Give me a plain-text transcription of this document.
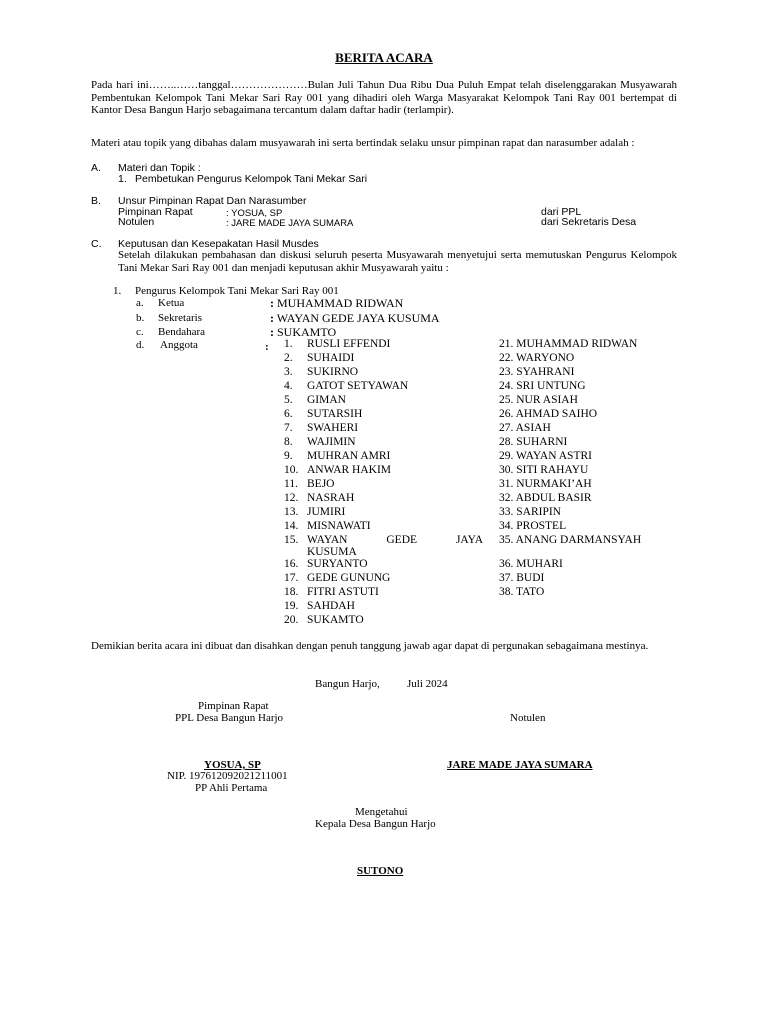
BERITA ACARA
Pada hari ini……..……tanggal…………………Bulan Juli Tahun Dua Ribu Dua Puluh Empat telah diselenggarakan Musyawarah Pembentukan Kelompok Tani Mekar Sari Ray 001 yang dihadiri oleh Warga Masyarakat Kelompok Tani Ray 001 bertempat di Kantor Desa Bangun Harjo sebagaimana tercantum dalam daftar hadir (terlampir).
Materi atau topik yang dibahas dalam musyawarah ini serta bertindak selaku unsur pimpinan rapat dan narasumber adalah :
A. Materi dan Topik :
1. Pembetukan Pengurus Kelompok Tani Mekar Sari
B. Unsur Pimpinan Rapat Dan Narasumber
Pimpinan Rapat	: YOSUA, SP	dari PPL
Notulen	: JARE MADE JAYA SUMARA	dari Sekretaris Desa
C. Keputusan dan Kesepakatan Hasil Musdes
Setelah dilakukan pembahasan dan diskusi seluruh peserta Musyawarah menyetujui serta memutuskan Pengurus Kelompok Tani Mekar Sari Ray 001 dan menjadi keputusan akhir Musyawarah yaitu :
1. Pengurus Kelompok Tani Mekar Sari Ray 001
a. Ketua	: MUHAMMAD RIDWAN
b. Sekretaris	: WAYAN GEDE JAYA KUSUMA
c. Bendahara	: SUKAMTO
d. Anggota	: 1. RUSLI EFFENDI
2. SUHAIDI
3. SUKIRNO
4. GATOT SETYAWAN
5. GIMAN
6. SUTARSIH
7. SWAHERI
8. WAJIMIN
9. MUHRAN AMRI
10. ANWAR HAKIM
11. BEJO
12. NASRAH
13. JUMIRI
14. MISNAWATI
15. WAYAN	GEDE	JAYA
KUSUMA
16. SURYANTO
17. GEDE GUNUNG
18. FITRI ASTUTI
19. SAHDAH
20. SUKAMTO
21. MUHAMMAD RIDWAN
22. WARYONO
23. SYAHRANI
24. SRI UNTUNG
25. NUR ASIAH
26. AHMAD SAIHO
27. ASIAH
28. SUHARNI
29. WAYAN ASTRI
30. SITI RAHAYU
31. NURMAKI’AH
32. ABDUL BASIR
33. SARIPIN
34. PROSTEL
35. ANANG DARMANSYAH
36. MUHARI
37. BUDI
38. TATO
Demikian berita acara ini dibuat dan disahkan dengan penuh tanggung jawab agar dapat di pergunakan sebagaimana mestinya.
Bangun Harjo, Juli 2024
Pimpinan Rapat
PPL Desa Bangun Harjo	Notulen
YOSUA, SP	JARE MADE JAYA SUMARA
NIP. 197612092021211001
PP Ahli Pertama
Mengetahui
Kepala Desa Bangun Harjo
SUTONO
